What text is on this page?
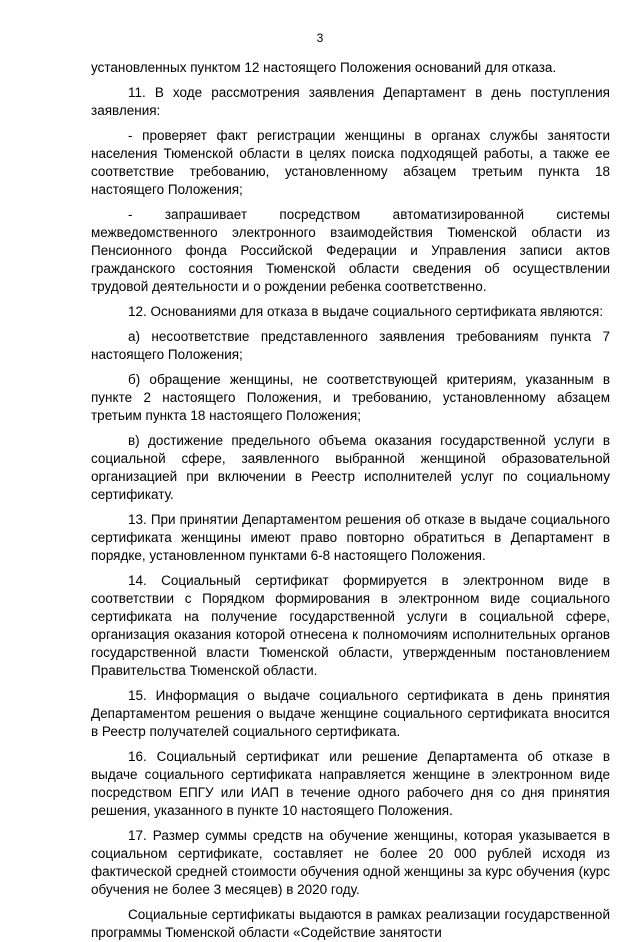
3

установленных пунктом 12 настоящего Положения оснований для отказа.

11. В ходе рассмотрения заявления Департамент в день поступления заявления:

- проверяет факт регистрации женщины в органах службы занятости населения Тюменской области в целях поиска подходящей работы, а также ее соответствие требованию, установленному абзацем третьим пункта 18 настоящего Положения;

- запрашивает посредством автоматизированной системы межведомственного электронного взаимодействия Тюменской области из Пенсионного фонда Российской Федерации и Управления записи актов гражданского состояния Тюменской области сведения об осуществлении трудовой деятельности и о рождении ребенка соответственно.

12. Основаниями для отказа в выдаче социального сертификата являются:

а) несоответствие представленного заявления требованиям пункта 7 настоящего Положения;

б) обращение женщины, не соответствующей критериям, указанным в пункте 2 настоящего Положения, и требованию, установленному абзацем третьим пункта 18 настоящего Положения;

в) достижение предельного объема оказания государственной услуги в социальной сфере, заявленного выбранной женщиной образовательной организацией при включении в Реестр исполнителей услуг по социальному сертификату.

13. При принятии Департаментом решения об отказе в выдаче социального сертификата женщины имеют право повторно обратиться в Департамент в порядке, установленном пунктами 6-8 настоящего Положения.

14. Социальный сертификат формируется в электронном виде в соответствии с Порядком формирования в электронном виде социального сертификата на получение государственной услуги в социальной сфере, организация оказания которой отнесена к полномочиям исполнительных органов государственной власти Тюменской области, утвержденным постановлением Правительства Тюменской области.

15. Информация о выдаче социального сертификата в день принятия Департаментом решения о выдаче женщине социального сертификата вносится в Реестр получателей социального сертификата.

16. Социальный сертификат или решение Департамента об отказе в выдаче социального сертификата направляется женщине в электронном виде посредством ЕПГУ или ИАП в течение одного рабочего дня со дня принятия решения, указанного в пункте 10 настоящего Положения.

17. Размер суммы средств на обучение женщины, которая указывается в социальном сертификате, составляет не более 20 000 рублей исходя из фактической средней стоимости обучения одной женщины за курс обучения (курс обучения не более 3 месяцев) в 2020 году.

Социальные сертификаты выдаются в рамках реализации государственной программы Тюменской области «Содействие занятости
